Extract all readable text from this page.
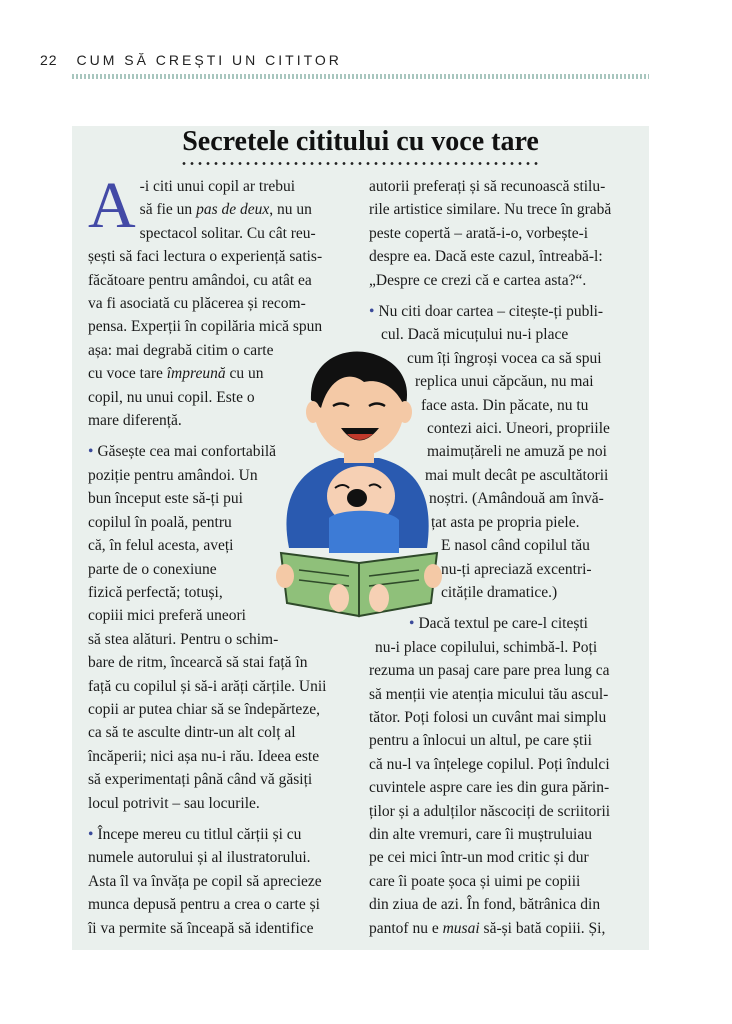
22 CUM SĂ CREȘTI UN CITITOR
Secretele cititului cu voce tare
A -i citi unui copil ar trebui

să fie un pas de deux, nu un

spectacol solitar. Cu cât reu-

șești să faci lectura o experiență satis-

făcătoare pentru amândoi, cu atât ea

va fi asociată cu plăcerea și recom-

pensa. Experții în copilăria mică spun

așa: mai degrabă citim o carte

cu voce tare împreună cu un

copil, nu unui copil. Este o

mare diferență.

• Găsește cea mai confortabilă

poziție pentru amândoi. Un

bun început este să-ți pui

copilul în poală, pentru

că, în felul acesta, aveți

parte de o conexiune

fizică perfectă; totuși,

copiii mici preferă uneori

să stea alături. Pentru o schim-

bare de ritm, încearcă să stai față în

față cu copilul și să-i arăți cărțile. Unii

copii ar putea chiar să se îndepărteze,

ca să te asculte dintr-un alt colț al

încăperii; nici așa nu-i rău. Ideea este

să experimentați până când vă găsiți

locul potrivit – sau locurile.

• Începe mereu cu titlul cărții și cu

numele autorului și al ilustratorului.

Asta îl va învăța pe copil să aprecieze

munca depusă pentru a crea o carte și

îi va permite să înceapă să identifice

autorii preferați și să recunoască stilu-

rile artistice similare. Nu trece în grabă

peste copertă – arată-i-o, vorbește-i

despre ea. Dacă este cazul, întreabă-l:

„Despre ce crezi că e cartea asta?“.

• Nu citi doar cartea – citește-ți publi-

cul. Dacă micuțului nu-i place

cum îți îngroși vocea ca să spui

replica unui căpcăun, nu mai

face asta. Din păcate, nu tu

contezi aici. Uneori, propriile

maimuțăreli ne amuză pe noi

mai mult decât pe ascultătorii

noștri. (Amândouă am învă-

țat asta pe propria piele.

E nasol când copilul tău

nu-ți apreciază excentri-

citățile dramatice.)

• Dacă textul pe care-l citești

nu-i place copilului, schimbă-l. Poți

rezuma un pasaj care pare prea lung ca

să menții vie atenția micului tău ascul-

tător. Poți folosi un cuvânt mai simplu

pentru a înlocui un altul, pe care știi

că nu-l va înțelege copilul. Poți îndulci

cuvintele aspre care ies din gura părin-

ților și a adulților născociți de scriitorii

din alte vremuri, care îi muștruluiau

pe cei mici într-un mod critic și dur

care îi poate șoca și uimi pe copiii

din ziua de azi. În fond, bătrânica din

pantof nu e musai să-și bată copiii. Și,
